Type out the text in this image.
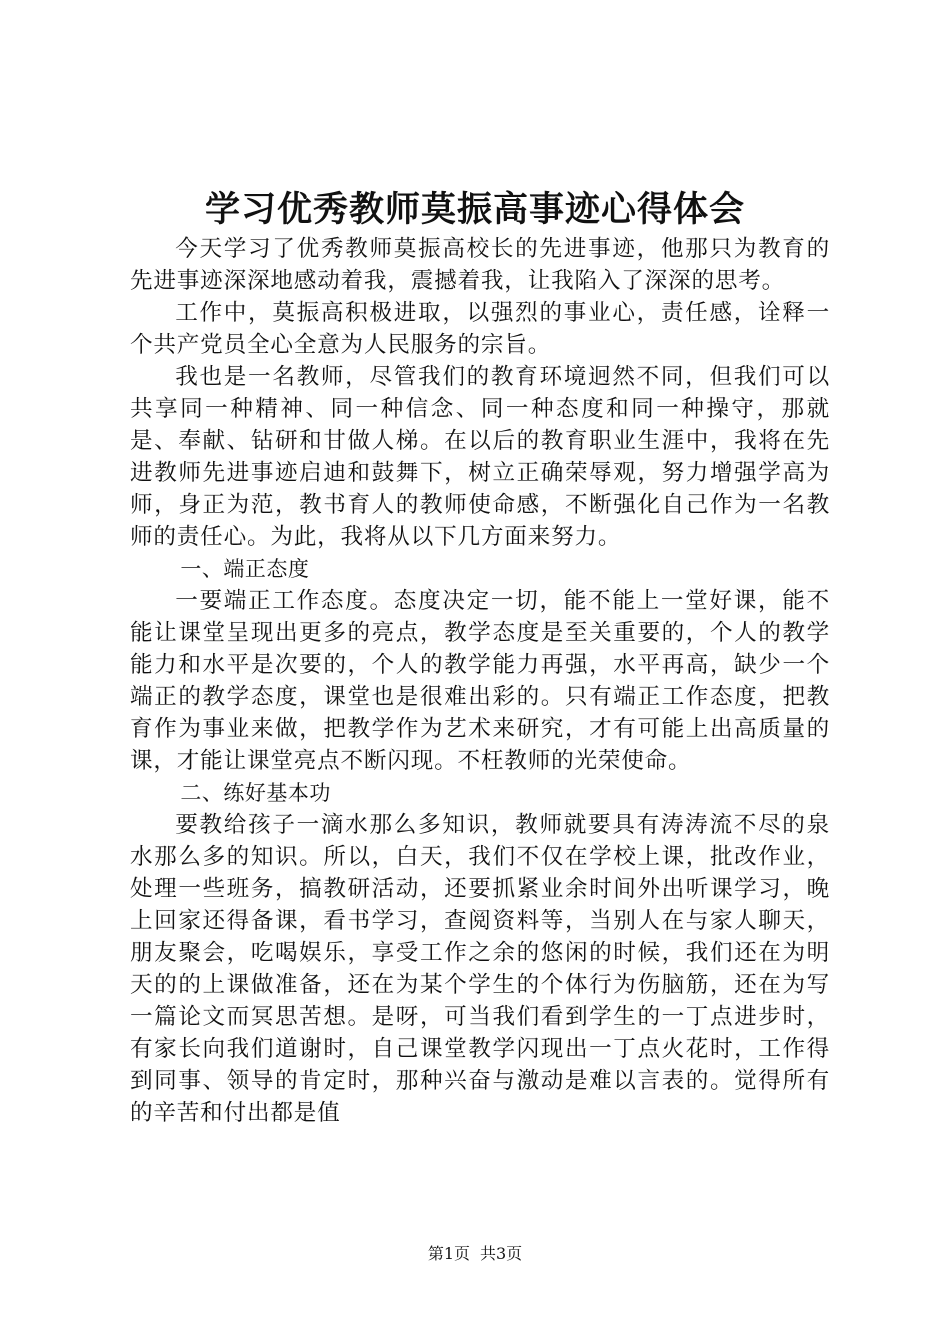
学习优秀教师莫振高事迹心得体会

今天学习了优秀教师莫振高校长的先进事迹，他那只为教育的先进事迹深深地感动着我，震撼着我，让我陷入了深深的思考。

工作中，莫振高积极进取，以强烈的事业心，责任感，诠释一个共产党员全心全意为人民服务的宗旨。

我也是一名教师，尽管我们的教育环境迥然不同，但我们可以共享同一种精神、同一种信念、同一种态度和同一种操守，那就是、奉献、钻研和甘做人梯。在以后的教育职业生涯中，我将在先进教师先进事迹启迪和鼓舞下，树立正确荣辱观，努力增强学高为师，身正为范，教书育人的教师使命感，不断强化自己作为一名教师的责任心。为此，我将从以下几方面来努力。

一、端正态度

一要端正工作态度。态度决定一切，能不能上一堂好课，能不能让课堂呈现出更多的亮点，教学态度是至关重要的，个人的教学能力和水平是次要的，个人的教学能力再强，水平再高，缺少一个端正的教学态度，课堂也是很难出彩的。只有端正工作态度，把教育作为事业来做，把教学作为艺术来研究，才有可能上出高质量的课，才能让课堂亮点不断闪现。不枉教师的光荣使命。

二、练好基本功

要教给孩子一滴水那么多知识，教师就要具有涛涛流不尽的泉水那么多的知识。所以，白天，我们不仅在学校上课，批改作业，处理一些班务，搞教研活动，还要抓紧业余时间外出听课学习，晚上回家还得备课，看书学习，查阅资料等，当别人在与家人聊天，朋友聚会，吃喝娱乐，享受工作之余的悠闲的时候，我们还在为明天的的上课做准备，还在为某个学生的个体行为伤脑筋，还在为写一篇论文而冥思苦想。是呀，可当我们看到学生的一丁点进步时，有家长向我们道谢时，自己课堂教学闪现出一丁点火花时，工作得到同事、领导的肯定时，那种兴奋与激动是难以言表的。觉得所有的辛苦和付出都是值

第1页 共3页
